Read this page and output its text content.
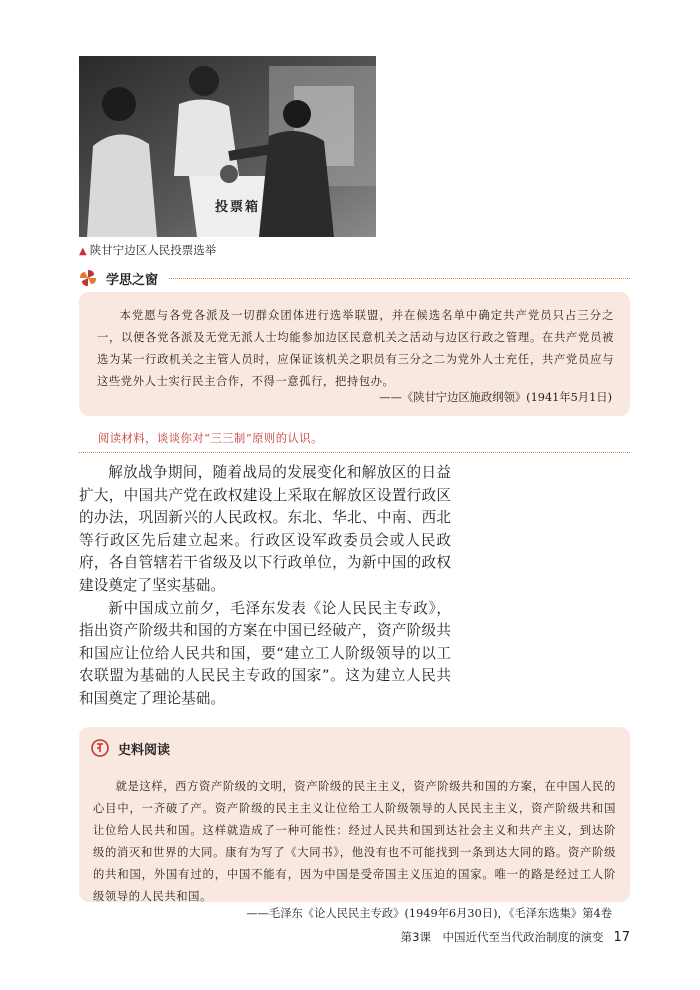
投票箱
▲ 陕甘宁边区人民投票选举
学思之窗

本党愿与各党各派及一切群众团体进行选举联盟，并在候选名单中确定共产党员只占三分之一，以便各党各派及无党无派人士均能参加边区民意机关之活动与边区行政之管理。在共产党员被选为某一行政机关之主管人员时，应保证该机关之职员有三分之二为党外人士充任，共产党员应与这些党外人士实行民主合作，不得一意孤行，把持包办。

——《陕甘宁边区施政纲领》(1941年5月1日)
阅读材料，谈谈你对“三三制”原则的认识。

解放战争期间，随着战局的发展变化和解放区的日益扩大，中国共产党在政权建设上采取在解放区设置行政区的办法，巩固新兴的人民政权。东北、华北、中南、西北等行政区先后建立起来。行政区设军政委员会或人民政府，各自管辖若干省级及以下行政单位，为新中国的政权建设奠定了坚实基础。

新中国成立前夕，毛泽东发表《论人民民主专政》，指出资产阶级共和国的方案在中国已经破产，资产阶级共和国应让位给人民共和国，要“建立工人阶级领导的以工农联盟为基础的人民民主专政的国家”。这为建立人民共和国奠定了理论基础。

史料阅读

就是这样，西方资产阶级的文明，资产阶级的民主主义，资产阶级共和国的方案，在中国人民的心目中，一齐破了产。资产阶级的民主主义让位给工人阶级领导的人民民主主义，资产阶级共和国让位给人民共和国。这样就造成了一种可能性：经过人民共和国到达社会主义和共产主义，到达阶级的消灭和世界的大同。康有为写了《大同书》，他没有也不可能找到一条到达大同的路。资产阶级的共和国，外国有过的，中国不能有，因为中国是受帝国主义压迫的国家。唯一的路是经过工人阶级领导的人民共和国。

——毛泽东《论人民民主专政》(1949年6月30日)，《毛泽东选集》第4卷
第3课　中国近代至当代政治制度的演变 17
